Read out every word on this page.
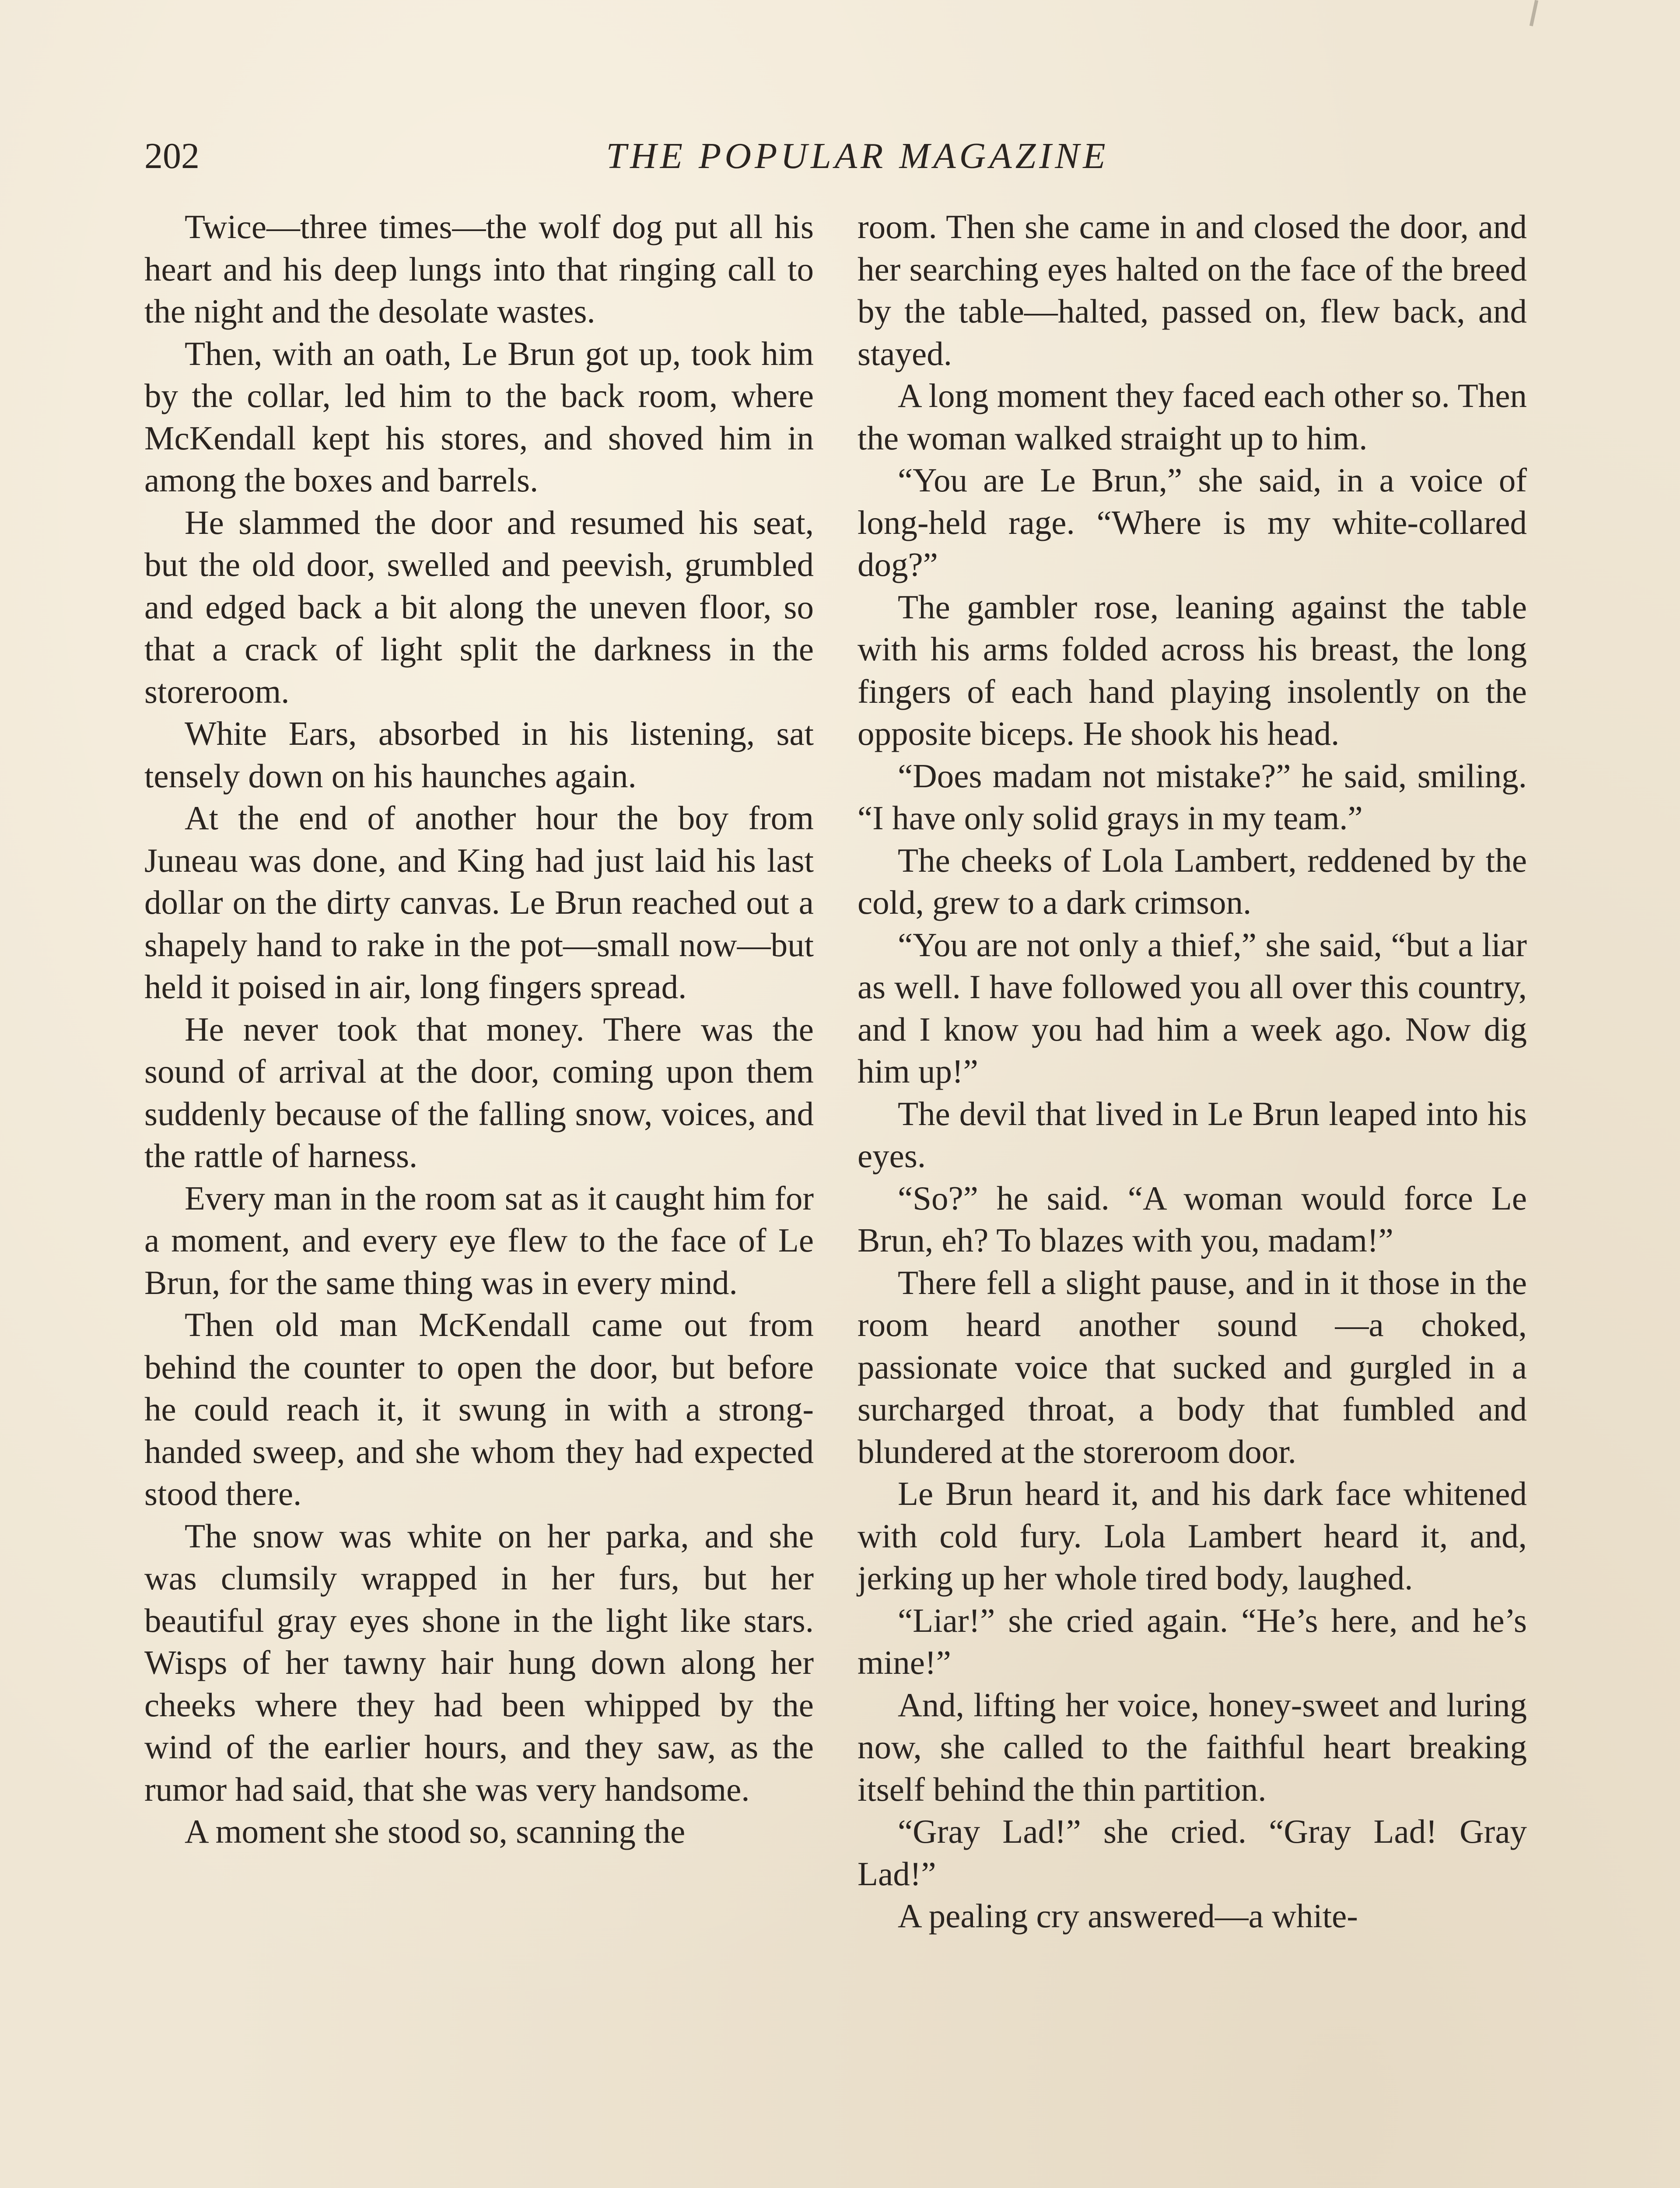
202	THE POPULAR MAGAZINE

Twice—three times—the wolf dog put all his heart and his deep lungs into that ringing call to the night and the desolate wastes.

Then, with an oath, Le Brun got up, took him by the collar, led him to the back room, where McKendall kept his stores, and shoved him in among the boxes and barrels.

He slammed the door and resumed his seat, but the old door, swelled and peevish, grumbled and edged back a bit along the uneven floor, so that a crack of light split the darkness in the storeroom.

White Ears, absorbed in his listening, sat tensely down on his haunches again.

At the end of another hour the boy from Juneau was done, and King had just laid his last dollar on the dirty canvas. Le Brun reached out a shapely hand to rake in the pot—small now—but held it poised in air, long fingers spread.

He never took that money. There was the sound of arrival at the door, coming upon them suddenly because of the falling snow, voices, and the rattle of harness.

Every man in the room sat as it caught him for a moment, and every eye flew to the face of Le Brun, for the same thing was in every mind.

Then old man McKendall came out from behind the counter to open the door, but before he could reach it, it swung in with a strong-handed sweep, and she whom they had expected stood there.

The snow was white on her parka, and she was clumsily wrapped in her furs, but her beautiful gray eyes shone in the light like stars. Wisps of her tawny hair hung down along her cheeks where they had been whipped by the wind of the earlier hours, and they saw, as the rumor had said, that she was very handsome.

A moment she stood so, scanning the

room. Then she came in and closed the door, and her searching eyes halted on the face of the breed by the table—halted, passed on, flew back, and stayed.

A long moment they faced each other so. Then the woman walked straight up to him.

“You are Le Brun,” she said, in a voice of long-held rage. “Where is my white-collared dog?”

The gambler rose, leaning against the table with his arms folded across his breast, the long fingers of each hand playing insolently on the opposite biceps. He shook his head.

“Does madam not mistake?” he said, smiling. “I have only solid grays in my team.”

The cheeks of Lola Lambert, reddened by the cold, grew to a dark crimson.

“You are not only a thief,” she said, “but a liar as well. I have followed you all over this country, and I know you had him a week ago. Now dig him up!”

The devil that lived in Le Brun leaped into his eyes.

“So?” he said. “A woman would force Le Brun, eh? To blazes with you, madam!”

There fell a slight pause, and in it those in the room heard another sound —a choked, passionate voice that sucked and gurgled in a surcharged throat, a body that fumbled and blundered at the storeroom door.

Le Brun heard it, and his dark face whitened with cold fury. Lola Lambert heard it, and, jerking up her whole tired body, laughed.

“Liar!” she cried again. “He’s here, and he’s mine!”

And, lifting her voice, honey-sweet and luring now, she called to the faithful heart breaking itself behind the thin partition.

“Gray Lad!” she cried. “Gray Lad! Gray Lad!”

A pealing cry answered—a white-
